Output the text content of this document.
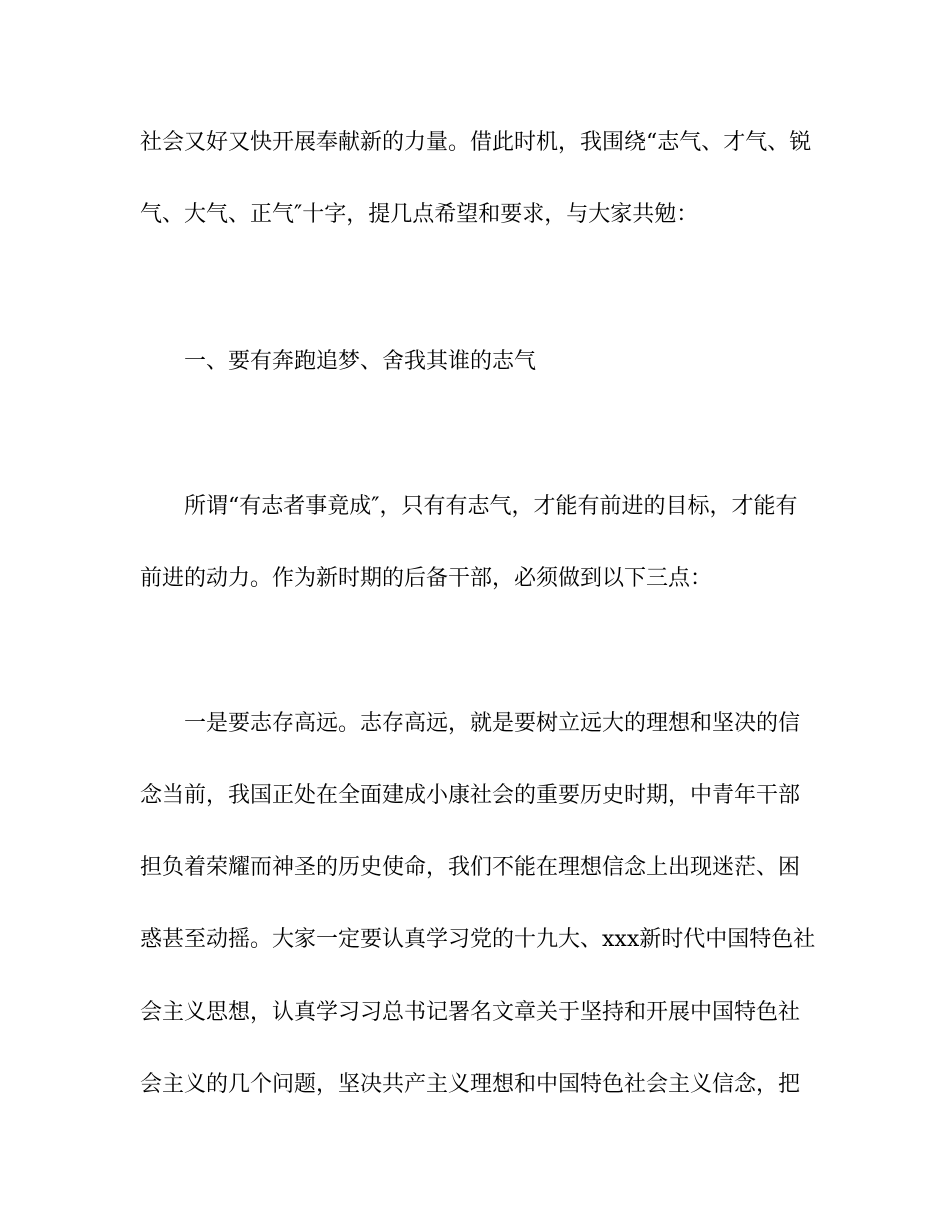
社会又好又快开展奉献新的力量。借此时机，我围绕“志气、才气、锐
气、大气、正气″十字，提几点希望和要求，与大家共勉：
一、要有奔跑追梦、舍我其谁的志气
所谓“有志者事竟成″，只有有志气，才能有前进的目标，才能有
前进的动力。作为新时期的后备干部，必须做到以下三点：
一是要志存高远。志存高远，就是要树立远大的理想和坚决的信
念当前，我国正处在全面建成小康社会的重要历史时期，中青年干部
担负着荣耀而神圣的历史使命，我们不能在理想信念上出现迷茫、困
惑甚至动摇。大家一定要认真学习党的十九大、xxx新时代中国特色社
会主义思想，认真学习习总书记署名文章关于坚持和开展中国特色社
会主义的几个问题，坚决共产主义理想和中国特色社会主义信念，把
